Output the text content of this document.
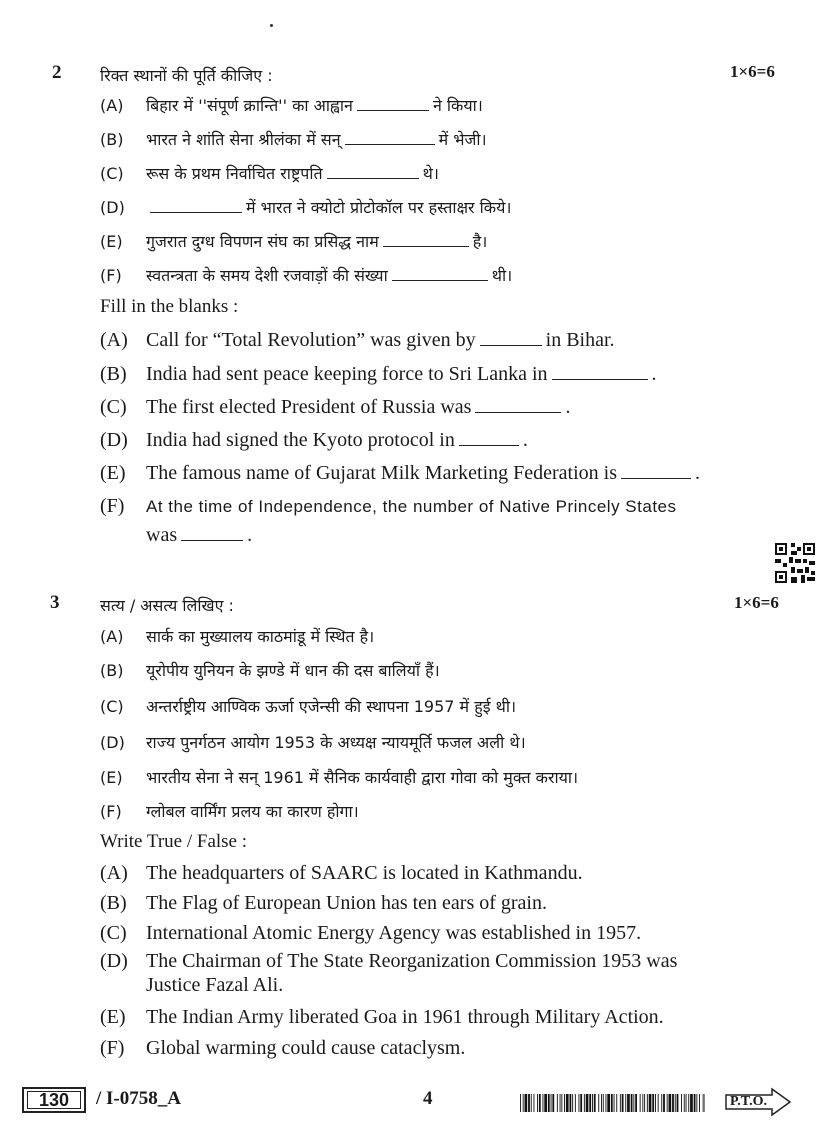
2 रिक्त स्थानों की पूर्ति कीजिए :	1×6=6
(A) बिहार में ''संपूर्ण क्रान्ति'' का आह्वान	ने किया।
(B) भारत ने शांति सेना श्रीलंका में सन्	में भेजी।
(C) रूस के प्रथम निर्वाचित राष्ट्रपति	थे।
(D)	में भारत ने क्योटो प्रोटोकॉल पर हस्ताक्षर किये।
(E) गुजरात दुग्ध विपणन संघ का प्रसिद्ध नाम	है।
(F) स्वतन्त्रता के समय देशी रजवाड़ों की संख्या	थी।
Fill in the blanks :
(A) Call for “Total Revolution” was given by	in Bihar.
(B) India had sent peace keeping force to Sri Lanka in	.
(C) The first elected President of Russia was	.
(D) India had signed the Kyoto protocol in	.
(E) The famous name of Gujarat Milk Marketing Federation is	.
(F) At the time of Independence, the number of Native Princely States
was	.
3	सत्य / असत्य लिखिए :	1×6=6
(A) सार्क का मुख्यालय काठमांडू में स्थित है।
(B) यूरोपीय युनियन के झण्डे में धान की दस बालियाँ हैं।
(C) अन्तर्राष्ट्रीय आण्विक ऊर्जा एजेन्सी की स्थापना 1957 में हुई थी।
(D) राज्य पुनर्गठन आयोग 1953 के अध्यक्ष न्यायमूर्ति फजल अली थे।
(E) भारतीय सेना ने सन् 1961 में सैनिक कार्यवाही द्वारा गोवा को मुक्त कराया।
(F) ग्लोबल वार्मिंग प्रलय का कारण होगा।
Write True / False :
(A) The headquarters of SAARC is located in Kathmandu.
(B) The Flag of European Union has ten ears of grain.
(C) International Atomic Energy Agency was established in 1957.
(D) The Chairman of The State Reorganization Commission 1953 was
Justice Fazal Ali.
(E) The Indian Army liberated Goa in 1961 through Military Action.
(F) Global warming could cause cataclysm.
130	/ I-0758_A	4	P.T.O.
